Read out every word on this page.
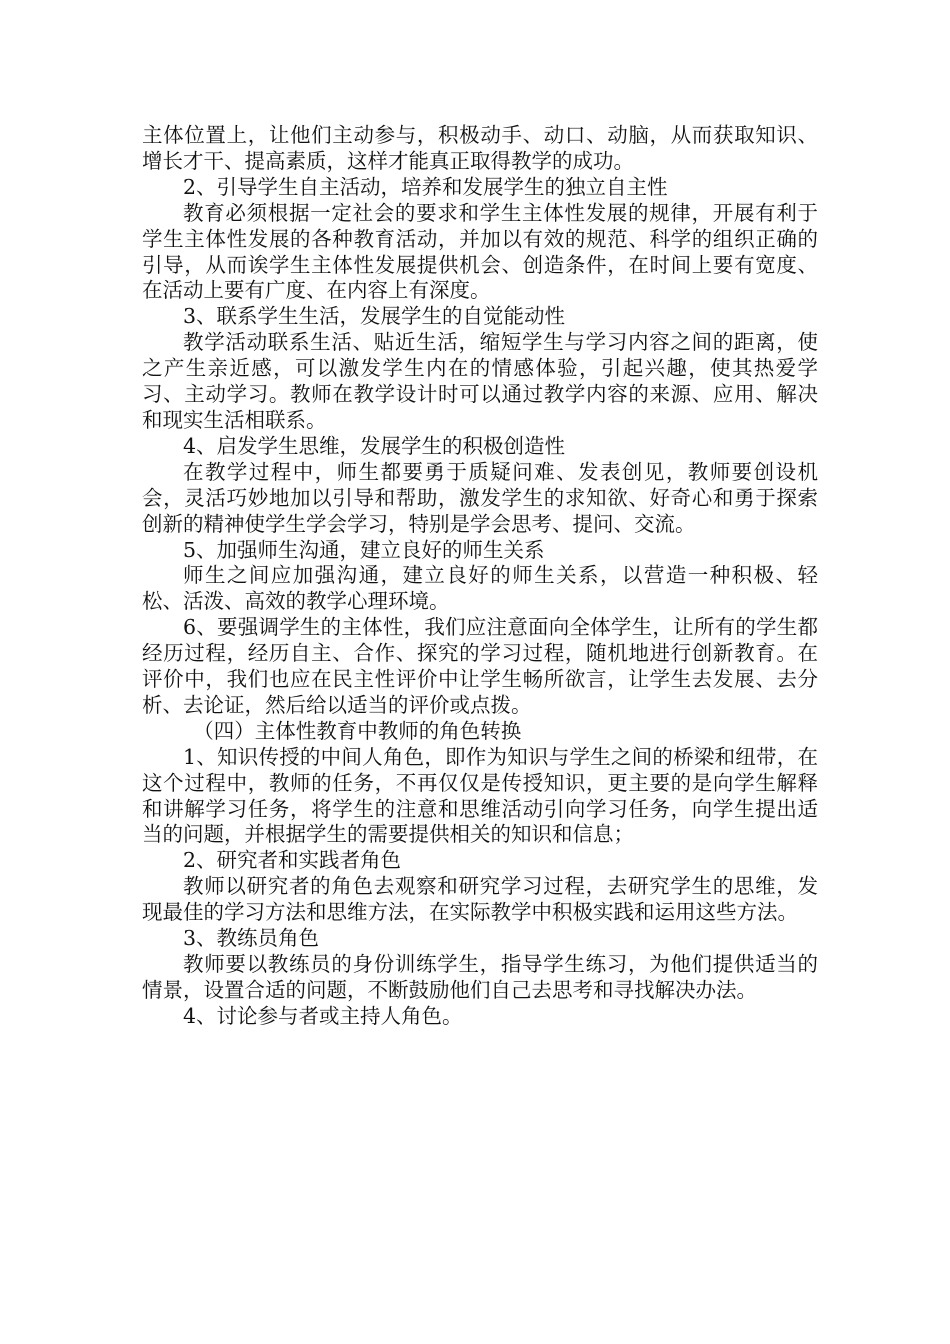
主体位置上，让他们主动参与，积极动手、动口、动脑，从而获取知识、增长才干、提高素质，这样才能真正取得教学的成功。

2、引导学生自主活动，培养和发展学生的独立自主性

教育必须根据一定社会的要求和学生主体性发展的规律，开展有利于学生主体性发展的各种教育活动，并加以有效的规范、科学的组织正确的引导，从而诶学生主体性发展提供机会、创造条件，在时间上要有宽度、在活动上要有广度、在内容上有深度。

3、联系学生生活，发展学生的自觉能动性

教学活动联系生活、贴近生活，缩短学生与学习内容之间的距离，使之产生亲近感，可以激发学生内在的情感体验，引起兴趣，使其热爱学习、主动学习。教师在教学设计时可以通过教学内容的来源、应用、解决和现实生活相联系。

4、启发学生思维，发展学生的积极创造性

在教学过程中，师生都要勇于质疑问难、发表创见，教师要创设机会，灵活巧妙地加以引导和帮助，激发学生的求知欲、好奇心和勇于探索创新的精神使学生学会学习，特别是学会思考、提问、交流。

5、加强师生沟通，建立良好的师生关系

师生之间应加强沟通，建立良好的师生关系，以营造一种积极、轻松、活泼、高效的教学心理环境。

6、要强调学生的主体性，我们应注意面向全体学生，让所有的学生都经历过程，经历自主、合作、探究的学习过程，随机地进行创新教育。在评价中，我们也应在民主性评价中让学生畅所欲言，让学生去发展、去分析、去论证，然后给以适当的评价或点拨。

（四）主体性教育中教师的角色转换

1、知识传授的中间人角色，即作为知识与学生之间的桥梁和纽带，在这个过程中，教师的任务，不再仅仅是传授知识，更主要的是向学生解释和讲解学习任务，将学生的注意和思维活动引向学习任务，向学生提出适当的问题，并根据学生的需要提供相关的知识和信息；

2、研究者和实践者角色

教师以研究者的角色去观察和研究学习过程，去研究学生的思维，发现最佳的学习方法和思维方法，在实际教学中积极实践和运用这些方法。

3、教练员角色

教师要以教练员的身份训练学生，指导学生练习，为他们提供适当的情景，设置合适的问题，不断鼓励他们自己去思考和寻找解决办法。

4、讨论参与者或主持人角色。
